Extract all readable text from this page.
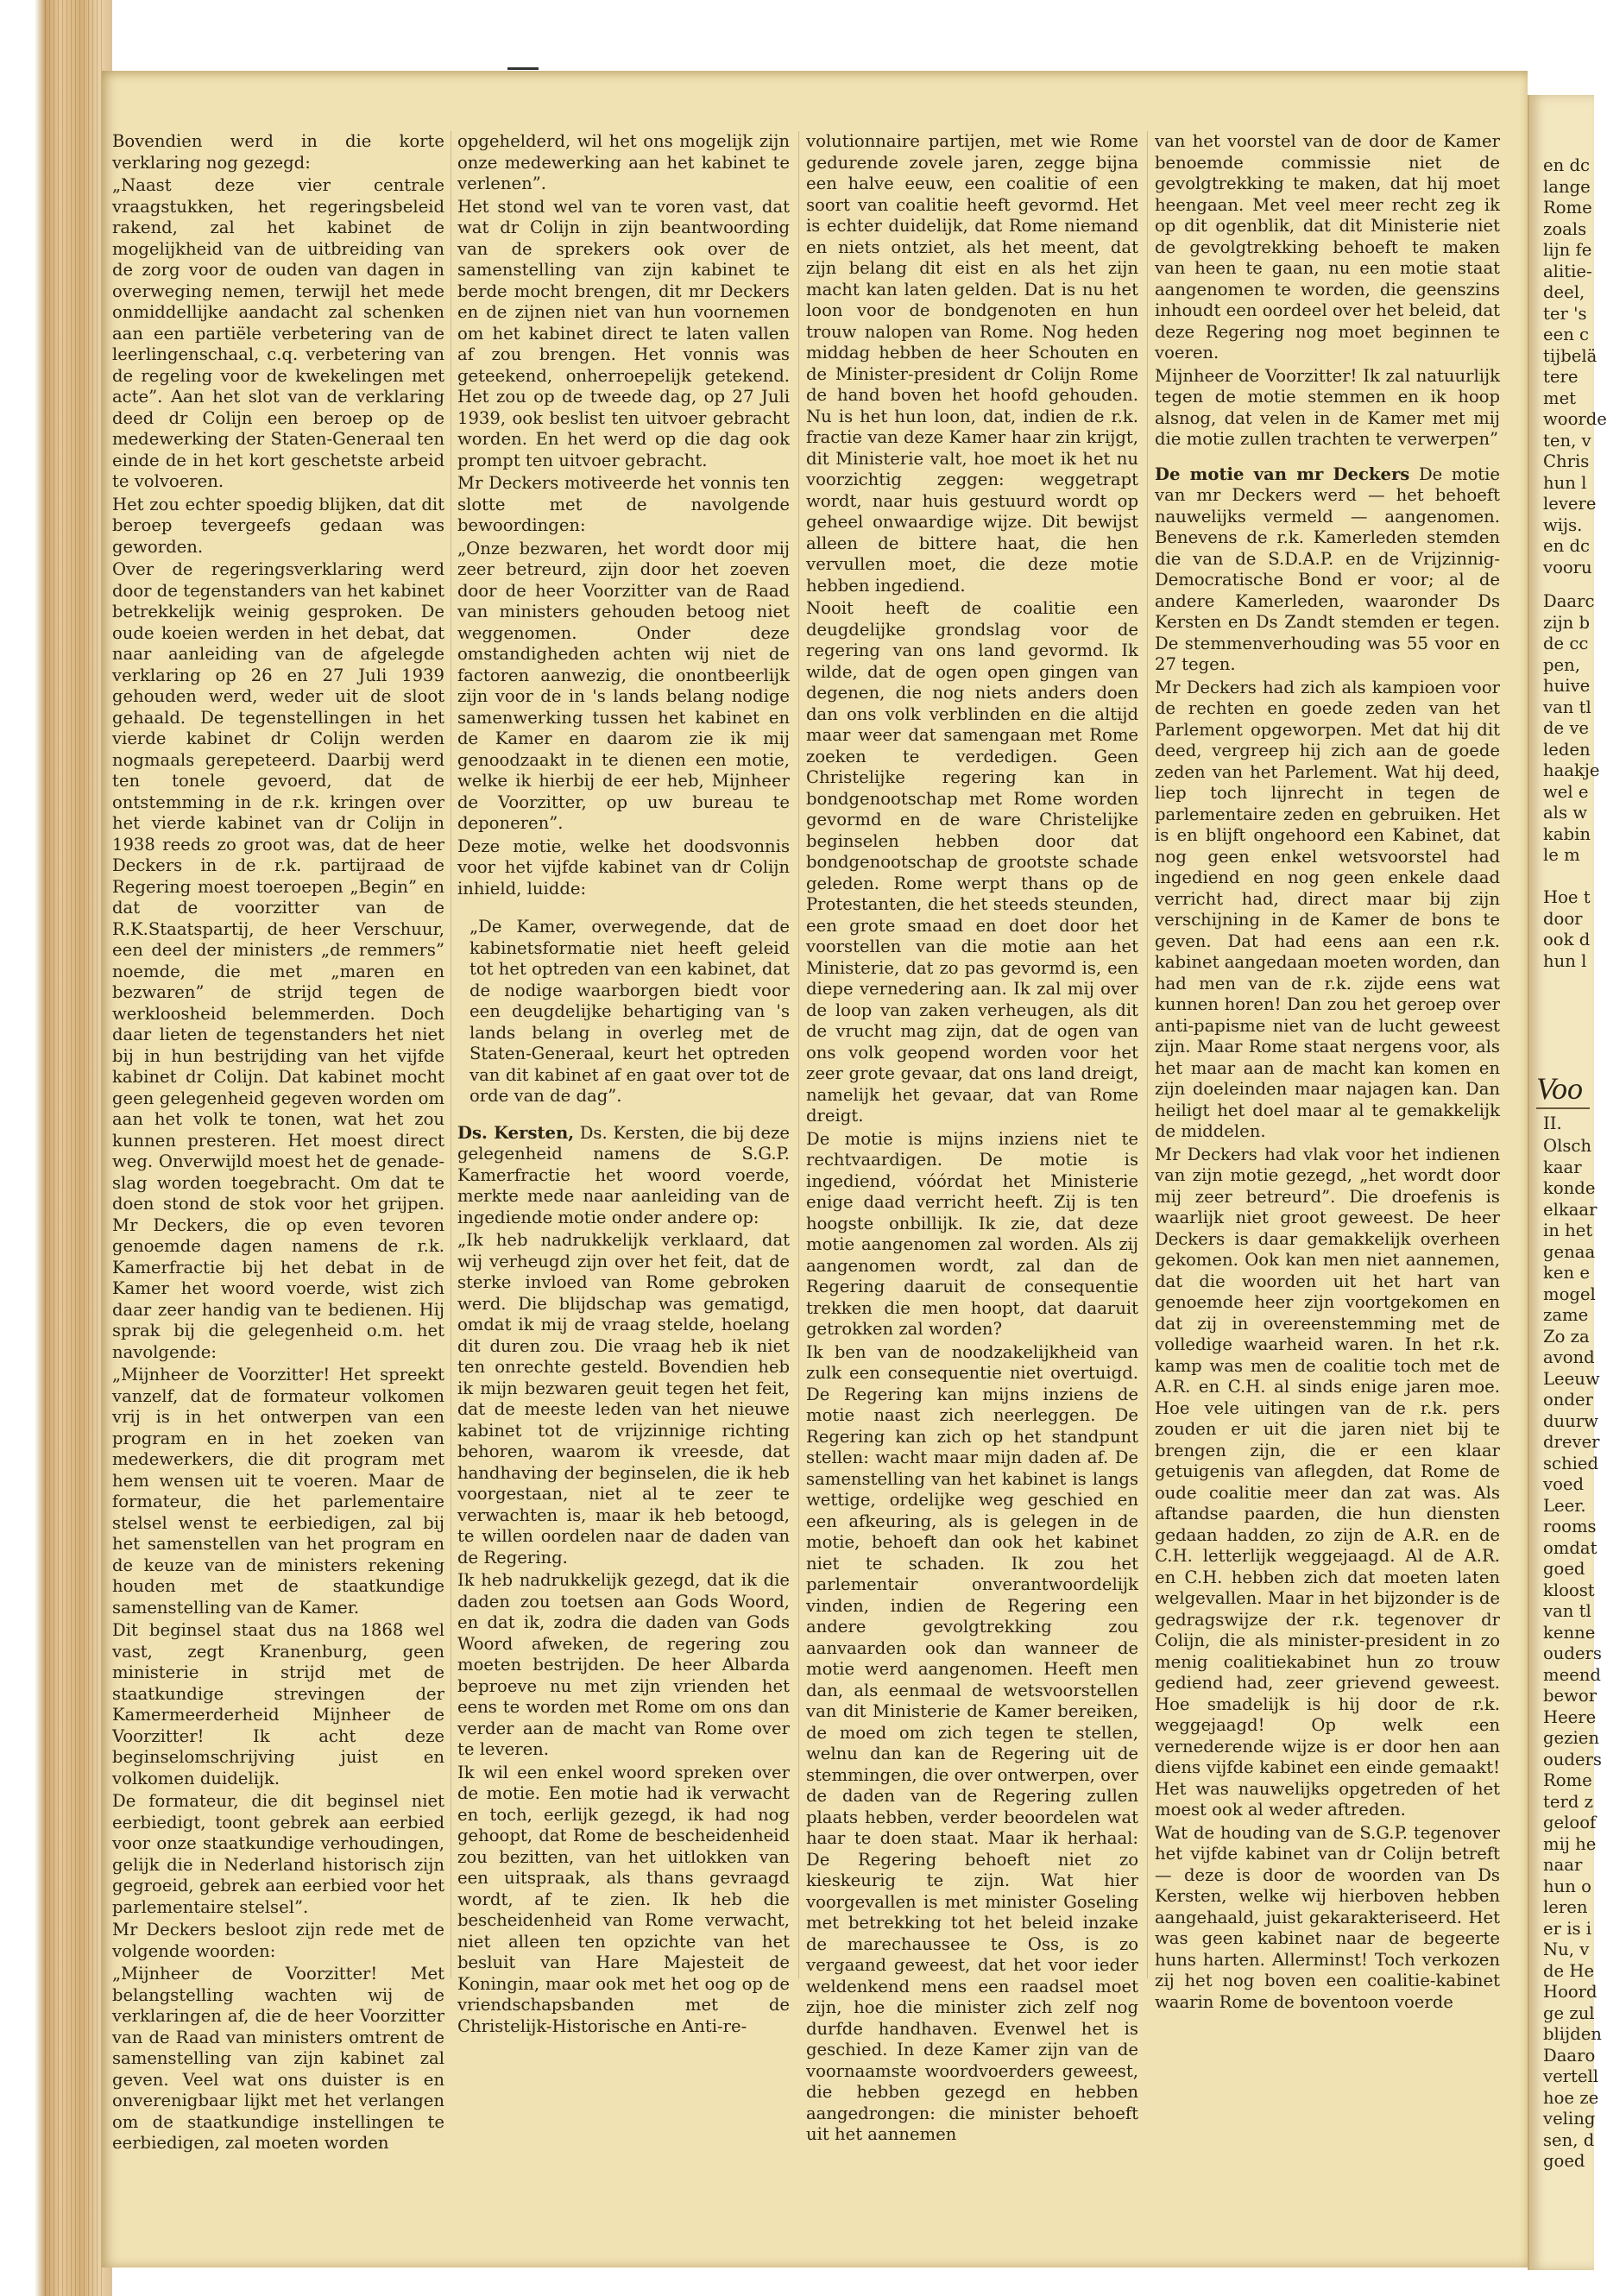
Bovendien werd in die korte verklaring nog gezegd:

„Naast deze vier centrale vraagstukken, het regeringsbeleid rakend, zal het kabinet de mogelijkheid van de uitbreiding van de zorg voor de ouden van dagen in overweging nemen, terwijl het mede onmiddellijke aandacht zal schenken aan een partiële verbetering van de leerlingenschaal, c.q. verbetering van de regeling voor de kwekelingen met acte”. Aan het slot van de verklaring deed dr Colijn een beroep op de medewerking der Staten-Generaal ten einde de in het kort geschetste arbeid te volvoeren.

Het zou echter spoedig blijken, dat dit beroep tevergeefs gedaan was geworden.

Over de regeringsverklaring werd door de tegenstanders van het kabinet betrekkelijk weinig gesproken. De oude koeien werden in het debat, dat naar aanleiding van de afgelegde verklaring op 26 en 27 Juli 1939 gehouden werd, weder uit de sloot gehaald. De tegenstellingen in het vierde kabinet dr Colijn werden nogmaals gerepeteerd. Daarbij werd ten tonele gevoerd, dat de ontstemming in de r.k. kringen over het vierde kabinet van dr Colijn in 1938 reeds zo groot was, dat de heer Deckers in de r.k. partijraad de Regering moest toeroepen „Begin” en dat de voorzitter van de R.K.Staatspartij, de heer Verschuur, een deel der ministers „de remmers” noemde, die met „maren en bezwaren” de strijd tegen de werkloosheid belemmerden. Doch daar lieten de tegenstanders het niet bij in hun bestrijding van het vijfde kabinet dr Colijn. Dat kabinet mocht geen gelegenheid gegeven worden om aan het volk te tonen, wat het zou kunnen presteren. Het moest direct weg. Onverwijld moest het de genade-slag worden toegebracht. Om dat te doen stond de stok voor het grijpen. Mr Deckers, die op even tevoren genoemde dagen namens de r.k. Kamerfractie bij het debat in de Kamer het woord voerde, wist zich daar zeer handig van te bedienen. Hij sprak bij die gelegenheid o.m. het navolgende:

„Mijnheer de Voorzitter! Het spreekt vanzelf, dat de formateur volkomen vrij is in het ontwerpen van een program en in het zoeken van medewerkers, die dit program met hem wensen uit te voeren. Maar de formateur, die het parlementaire stelsel wenst te eerbiedigen, zal bij het samenstellen van het program en de keuze van de ministers rekening houden met de staatkundige samenstelling van de Kamer.

Dit beginsel staat dus na 1868 wel vast, zegt Kranenburg, geen ministerie in strijd met de staatkundige strevingen der Kamermeerderheid Mijnheer de Voorzitter! Ik acht deze beginselomschrijving juist en volkomen duidelijk.

De formateur, die dit beginsel niet eerbiedigt, toont gebrek aan eerbied voor onze staatkundige verhoudingen, gelijk die in Nederland historisch zijn gegroeid, gebrek aan eerbied voor het parlementaire stelsel”.

Mr Deckers besloot zijn rede met de volgende woorden:

„Mijnheer de Voorzitter! Met belangstelling wachten wij de verklaringen af, die de heer Voorzitter van de Raad van ministers omtrent de samenstelling van zijn kabinet zal geven. Veel wat ons duister is en onverenigbaar lijkt met het verlangen om de staatkundige instellingen te eerbiedigen, zal moeten worden

opgehelderd, wil het ons mogelijk zijn onze medewerking aan het kabinet te verlenen”.

Het stond wel van te voren vast, dat wat dr Colijn in zijn beantwoording van de sprekers ook over de samenstelling van zijn kabinet te berde mocht brengen, dit mr Deckers en de zijnen niet van hun voornemen om het kabinet direct te laten vallen af zou brengen. Het vonnis was geteekend, onherroepelijk getekend. Het zou op de tweede dag, op 27 Juli 1939, ook beslist ten uitvoer gebracht worden. En het werd op die dag ook prompt ten uitvoer gebracht.

Mr Deckers motiveerde het vonnis ten slotte met de navolgende bewoordingen:

„Onze bezwaren, het wordt door mij zeer betreurd, zijn door het zoeven door de heer Voorzitter van de Raad van ministers gehouden betoog niet weggenomen. Onder deze omstandigheden achten wij niet de factoren aanwezig, die onontbeerlijk zijn voor de in 's lands belang nodige samenwerking tussen het kabinet en de Kamer en daarom zie ik mij genoodzaakt in te dienen een motie, welke ik hierbij de eer heb, Mijnheer de Voorzitter, op uw bureau te deponeren”.

Deze motie, welke het doodsvonnis voor het vijfde kabinet van dr Colijn inhield, luidde:

„De Kamer, overwegende, dat de kabinetsformatie niet heeft geleid tot het optreden van een kabinet, dat de nodige waarborgen biedt voor een deugdelijke behartiging van 's lands belang in overleg met de Staten-Generaal, keurt het optreden van dit kabinet af en gaat over tot de orde van de dag”.

Ds. Kersten, Ds. Kersten, die bij deze gelegenheid namens de S.G.P. Kamerfractie het woord voerde, merkte mede naar aanleiding van de ingediende motie onder andere op:

„Ik heb nadrukkelijk verklaard, dat wij verheugd zijn over het feit, dat de sterke invloed van Rome gebroken werd. Die blijdschap was gematigd, omdat ik mij de vraag stelde, hoelang dit duren zou. Die vraag heb ik niet ten onrechte gesteld. Bovendien heb ik mijn bezwaren geuit tegen het feit, dat de meeste leden van het nieuwe kabinet tot de vrijzinnige richting behoren, waarom ik vreesde, dat handhaving der beginselen, die ik heb voorgestaan, niet al te zeer te verwachten is, maar ik heb betoogd, te willen oordelen naar de daden van de Regering.

Ik heb nadrukkelijk gezegd, dat ik die daden zou toetsen aan Gods Woord, en dat ik, zodra die daden van Gods Woord afweken, de regering zou moeten bestrijden. De heer Albarda beproeve nu met zijn vrienden het eens te worden met Rome om ons dan verder aan de macht van Rome over te leveren.

Ik wil een enkel woord spreken over de motie. Een motie had ik verwacht en toch, eerlijk gezegd, ik had nog gehoopt, dat Rome de bescheidenheid zou bezitten, van het uitlokken van een uitspraak, als thans gevraagd wordt, af te zien. Ik heb die bescheidenheid van Rome verwacht, niet alleen ten opzichte van het besluit van Hare Majesteit de Koningin, maar ook met het oog op de vriendschapsbanden met de Christelijk-Historische en Anti-re-

volutionnaire partijen, met wie Rome gedurende zovele jaren, zegge bijna een halve eeuw, een coalitie of een soort van coalitie heeft gevormd. Het is echter duidelijk, dat Rome niemand en niets ontziet, als het meent, dat zijn belang dit eist en als het zijn macht kan laten gelden. Dat is nu het loon voor de bondgenoten en hun trouw nalopen van Rome. Nog heden middag hebben de heer Schouten en de Minister-president dr Colijn Rome de hand boven het hoofd gehouden. Nu is het hun loon, dat, indien de r.k. fractie van deze Kamer haar zin krijgt, dit Ministerie valt, hoe moet ik het nu voorzichtig zeggen: weggetrapt wordt, naar huis gestuurd wordt op geheel onwaardige wijze. Dit bewijst alleen de bittere haat, die hen vervullen moet, die deze motie hebben ingediend.

Nooit heeft de coalitie een deugdelijke grondslag voor de regering van ons land gevormd. Ik wilde, dat de ogen open gingen van degenen, die nog niets anders doen dan ons volk verblinden en die altijd maar weer dat samengaan met Rome zoeken te verdedigen. Geen Christelijke regering kan in bondgenootschap met Rome worden gevormd en de ware Christelijke beginselen hebben door dat bondgenootschap de grootste schade geleden. Rome werpt thans op de Protestanten, die het steeds steunden, een grote smaad en doet door het voorstellen van die motie aan het Ministerie, dat zo pas gevormd is, een diepe vernedering aan. Ik zal mij over de loop van zaken verheugen, als dit de vrucht mag zijn, dat de ogen van ons volk geopend worden voor het zeer grote gevaar, dat ons land dreigt, namelijk het gevaar, dat van Rome dreigt.

De motie is mijns inziens niet te rechtvaardigen. De motie is ingediend, vóórdat het Ministerie enige daad verricht heeft. Zij is ten hoogste onbillijk. Ik zie, dat deze motie aangenomen zal worden. Als zij aangenomen wordt, zal dan de Regering daaruit de consequentie trekken die men hoopt, dat daaruit getrokken zal worden?

Ik ben van de noodzakelijkheid van zulk een consequentie niet overtuigd. De Regering kan mijns inziens de motie naast zich neerleggen. De Regering kan zich op het standpunt stellen: wacht maar mijn daden af. De samenstelling van het kabinet is langs wettige, ordelijke weg geschied en een afkeuring, als is gelegen in de motie, behoeft dan ook het kabinet niet te schaden. Ik zou het parlementair onverantwoordelijk vinden, indien de Regering een andere gevolgtrekking zou aanvaarden ook dan wanneer de motie werd aangenomen. Heeft men dan, als eenmaal de wetsvoorstellen van dit Ministerie de Kamer bereiken, de moed om zich tegen te stellen, welnu dan kan de Regering uit de stemmingen, die over ontwerpen, over de daden van de Regering zullen plaats hebben, verder beoordelen wat haar te doen staat. Maar ik herhaal: De Regering behoeft niet zo kieskeurig te zijn. Wat hier voorgevallen is met minister Goseling met betrekking tot het beleid inzake de marechaussee te Oss, is zo vergaand geweest, dat het voor ieder weldenkend mens een raadsel moet zijn, hoe die minister zich zelf nog durfde handhaven. Evenwel het is geschied. In deze Kamer zijn van de voornaamste woordvoerders geweest, die hebben gezegd en hebben aangedrongen: die minister behoeft uit het aannemen

van het voorstel van de door de Kamer benoemde commissie niet de gevolgtrekking te maken, dat hij moet heengaan. Met veel meer recht zeg ik op dit ogenblik, dat dit Ministerie niet de gevolgtrekking behoeft te maken van heen te gaan, nu een motie staat aangenomen te worden, die geenszins inhoudt een oordeel over het beleid, dat deze Regering nog moet beginnen te voeren.

Mijnheer de Voorzitter! Ik zal natuurlijk tegen de motie stemmen en ik hoop alsnog, dat velen in de Kamer met mij die motie zullen trachten te verwerpen”

De motie van mr Deckers De motie van mr Deckers werd — het behoeft nauwelijks vermeld — aangenomen. Benevens de r.k. Kamerleden stemden die van de S.D.A.P. en de Vrijzinnig-Democratische Bond er voor; al de andere Kamerleden, waaronder Ds Kersten en Ds Zandt stemden er tegen. De stemmenverhouding was 55 voor en 27 tegen.

Mr Deckers had zich als kampioen voor de rechten en goede zeden van het Parlement opgeworpen. Met dat hij dit deed, vergreep hij zich aan de goede zeden van het Parlement. Wat hij deed, liep toch lijnrecht in tegen de parlementaire zeden en gebruiken. Het is en blijft ongehoord een Kabinet, dat nog geen enkel wetsvoorstel had ingediend en nog geen enkele daad verricht had, direct maar bij zijn verschijning in de Kamer de bons te geven. Dat had eens aan een r.k. kabinet aangedaan moeten worden, dan had men van de r.k. zijde eens wat kunnen horen! Dan zou het geroep over anti-papisme niet van de lucht geweest zijn. Maar Rome staat nergens voor, als het maar aan de macht kan komen en zijn doeleinden maar najagen kan. Dan heiligt het doel maar al te gemakkelijk de middelen.

Mr Deckers had vlak voor het indienen van zijn motie gezegd, „het wordt door mij zeer betreurd”. Die droefenis is waarlijk niet groot geweest. De heer Deckers is daar gemakkelijk overheen gekomen. Ook kan men niet aannemen, dat die woorden uit het hart van genoemde heer zijn voortgekomen en dat zij in overeenstemming met de volledige waarheid waren. In het r.k. kamp was men de coalitie toch met de A.R. en C.H. al sinds enige jaren moe. Hoe vele uitingen van de r.k. pers zouden er uit die jaren niet bij te brengen zijn, die er een klaar getuigenis van aflegden, dat Rome de oude coalitie meer dan zat was. Als aftandse paarden, die hun diensten gedaan hadden, zo zijn de A.R. en de C.H. letterlijk weggejaagd. Al de A.R. en C.H. hebben zich dat moeten laten welgevallen. Maar in het bijzonder is de gedragswijze der r.k. tegenover dr Colijn, die als minister-president in zo menig coalitiekabinet hun zo trouw gediend had, zeer grievend geweest. Hoe smadelijk is hij door de r.k. weggejaagd! Op welk een vernederende wijze is er door hen aan diens vijfde kabinet een einde gemaakt! Het was nauwelijks opgetreden of het moest ook al weder aftreden.

Wat de houding van de S.G.P. tegenover het vijfde kabinet van dr Colijn betreft — deze is door de woorden van Ds Kersten, welke wij hierboven hebben aangehaald, juist gekarakteriseerd. Het was geen kabinet naar de begeerte huns harten. Allerminst! Toch verkozen zij het nog boven een coalitie-kabinet waarin Rome de boventoon voerde

en dc
lange
Rome
zoals
lijn fe
alitie-
deel,
ter 's
een c
tijbelä
tere
met
woorde
ten, v
Chris
hun l
levere
wijs.
en dc
vooru
Daarc
zijn b
de cc
pen,
huive
van tl
de ve
leden
haakje
wel e
als w
kabin
le m

Hoe t
door
ook d
hun l
Voo
II.
Olsch
kaar
konde
elkaar
in het
genaa
ken e
mogel
zame
Zo za
avond
Leeuw
onder
duurw
drever
schied
voed
Leer.
rooms
omdat
goed
kloost
van tl
kenne
ouders
meend
bewor
Heere
gezien
ouders
Rome
terd z
geloof
mij he
naar
hun o
leren
er is i
Nu, v
de He
Hoord
ge zul
blijden
Daaro
vertell
hoe ze
veling
sen, d
goed
